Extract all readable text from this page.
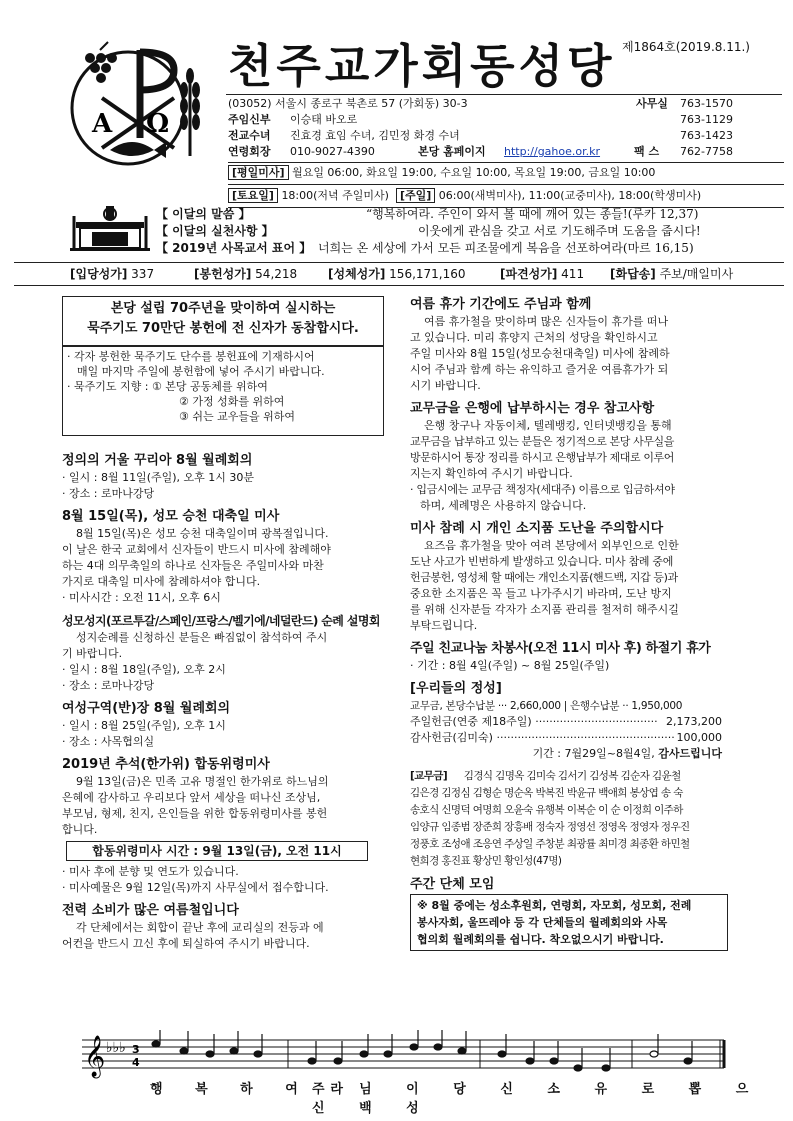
A Ω
천주교가회동성당 제1864호(2019.8.11.)
(03052) 서울시 종로구 북촌로 57 (가회동) 30-3	사무실 763-1570
주임신부 이승태 바오로	763-1129
전교수녀 진효경 효임 수녀, 김민정 화경 수녀	763-1423
연령회장 010-9027-4390	본당 홈페이지 http://gahoe.or.kr	팩 스 762-7758
[평일미사] 월요일 06:00, 화요일 19:00, 수요일 10:00, 목요일 19:00, 금요일 10:00
[토요일] 18:00(저녁 주일미사) [주일] 06:00(새벽미사), 11:00(교중미사), 18:00(학생미사)
【 이달의 말씀 】	“행복하여라. 주인이 와서 볼 때에 깨어 있는 종들!(루카 12,37)
【 이달의 실천사항 】	이웃에게 관심을 갖고 서로 기도해주며 도움을 줍시다!
【 2019년 사목교서 표어 】 너희는 온 세상에 가서 모든 피조물에게 복음을 선포하여라(마르 16,15)
[입당성가] 337	[봉헌성가] 54,218	[성체성가] 156,171,160	[파견성가] 411 [화답송] 주보/매일미사
본당 설립 70주년을 맞이하여 실시하는
묵주기도 70만단 봉헌에 전 신자가 동참합시다.
· 각자 봉헌한 묵주기도 단수를 봉헌표에 기재하시어
매일 마지막 주일에 봉헌함에 넣어 주시기 바랍니다.
· 묵주기도 지향 : ① 본당 공동체를 위하여
② 가정 성화를 위하여
③ 쉬는 교우들을 위하여
정의의 거울 꾸리아 8월 월례회의
· 일시 : 8월 11일(주일), 오후 1시 30분
· 장소 : 로마나강당
8월 15일(목), 성모 승천 대축일 미사
8월 15일(목)은 성모 승천 대축일이며 광복절입니다.
이 날은 한국 교회에서 신자들이 반드시 미사에 참례해야
하는 4대 의무축일의 하나로 신자들은 주일미사와 마찬
가지로 대축일 미사에 참례하셔야 합니다.
· 미사시간 : 오전 11시, 오후 6시
성모성지(포르투갈/스페인/프랑스/벨기에/네덜란드) 순례 설명회
성지순례를 신청하신 분들은 빠짐없이 참석하여 주시
기 바랍니다.
· 일시 : 8월 18일(주일), 오후 2시
· 장소 : 로마나강당
여성구역(반)장 8월 월례회의
· 일시 : 8월 25일(주일), 오후 1시
· 장소 : 사목협의실
2019년 추석(한가위) 합동위령미사
9월 13일(금)은 민족 고유 명절인 한가위로 하느님의
은혜에 감사하고 우리보다 앞서 세상을 떠나신 조상님,
부모님, 형제, 친지, 은인들을 위한 합동위령미사를 봉헌
합니다.
합동위령미사 시간 : 9월 13일(금), 오전 11시
· 미사 후에 분향 및 연도가 있습니다.
· 미사예물은 9월 12일(목)까지 사무실에서 접수합니다.
전력 소비가 많은 여름철입니다
각 단체에서는 회합이 끝난 후에 교리실의 전등과 에
어컨을 반드시 끄신 후에 퇴실하여 주시기 바랍니다.
여름 휴가 기간에도 주님과 함께
여름 휴가철을 맞이하며 많은 신자들이 휴가를 떠나
고 있습니다. 미리 휴양지 근처의 성당을 확인하시고
주일 미사와 8월 15일(성모승천대축일) 미사에 참례하
시어 주님과 함께 하는 유익하고 즐거운 여름휴가가 되
시기 바랍니다.
교무금을 은행에 납부하시는 경우 참고사항
은행 창구나 자동이체, 텔레뱅킹, 인터넷뱅킹을 통해
교무금을 납부하고 있는 분들은 정기적으로 본당 사무실을
방문하시어 통장 정리를 하시고 은행납부가 제대로 이루어
지는지 확인하여 주시기 바랍니다.
· 입금시에는 교무금 책정자(세대주) 이름으로 입금하셔야
하며, 세례명은 사용하지 않습니다.
미사 참례 시 개인 소지품 도난을 주의합시다
요즈음 휴가철을 맞아 여려 본당에서 외부인으로 인한
도난 사고가 빈번하게 발생하고 있습니다. 미사 참례 중에
헌금봉헌, 영성체 할 때에는 개인소지품(핸드백, 지갑 등)과
중요한 소지품은 꼭 들고 나가주시기 바라며, 도난 방지
를 위해 신자분들 각자가 소지품 관리를 철저히 해주시길
부탁드립니다.
주일 친교나눔 차봉사(오전 11시 미사 후) 하절기 휴가
· 기간 : 8월 4일(주일) ~ 8월 25일(주일)
[우리들의 정성]
교무금, 본당수납분 ··· 2,660,000 | 은행수납분 ·· 1,950,000
주일헌금(연중 제18주일) ··································· 2,173,200
감사헌금(김미숙) ··················································· 100,000
기간 : 7월29일~8월4일, 감사드립니다
[교무금] 김경식 김명옥 김미숙 김서기 김성복 김순자 김윤철
김은경 김정심 김형순 명순옥 박복진 박윤규 백애희 봉상엽 송 숙
송호식 신명덕 여명희 오윤숙 유행복 이복순 이 순 이정희 이주하
임양규 임종범 장준희 장흥배 정숙자 정영선 정영옥 정영자 정우진
정풍호 조성애 조응연 주상일 주창분 최광률 최미경 최종환 하민철
현희경 홍진표 황상민 황인성(47명)
주간 단체 모임
※ 8월 중에는 성소후원회, 연령회, 자모회, 성모회, 전례
봉사자회, 울뜨레야 등 각 단체들의 월례회의와 사목
협의회 월례회의를 쉽니다. 착오없으시기 바랍니다.
𝄞 ♭♭♭ 3
4
행 복 하 여 라
주 님 이 당 신 소 유 로 뽑 으 신 백 성
